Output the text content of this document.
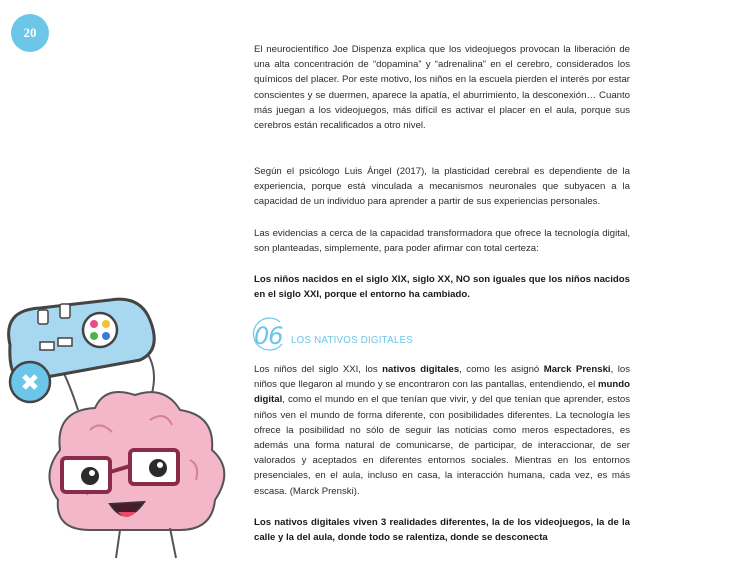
20

El neurocientífico Joe Dispenza explica que los videojuegos provocan la liberación de una alta concentración de “dopamina” y “adrenalina” en el cerebro, considerados los químicos del placer. Por este motivo, los niños en la escuela pierden el interés por estar conscientes y se duermen, aparece la apatía, el aburrimiento, la desconexión… Cuanto más juegan a los videojuegos, más difícil es activar el placer en el aula, porque sus cerebros están recalificados a otro nivel.

Según el psicólogo Luis Ángel (2017), la plasticidad cerebral es dependiente de la experiencia, porque está vinculada a mecanismos neuronales que subyacen a la capacidad de un individuo para aprender a partir de sus experiencias personales.

Las evidencias a cerca de la capacidad transformadora que ofrece la tecnología digital, son planteadas, simplemente, para poder afirmar con total certeza:

Los niños nacidos en el siglo XIX, siglo XX, NO son iguales que los niños nacidos en el siglo XXI, porque el entorno ha cambiado.

06 LOS NATIVOS DIGITALES

Los niños del siglo XXI, los nativos digitales, como les asignó Marck Prenski, los niños que llegaron al mundo y se encontraron con las pantallas, entendiendo, el mundo digital, como el mundo en el que tenían que vivir, y del que tenían que aprender, estos niños ven el mundo de forma diferente, con posibilidades diferentes. La tecnología les ofrece la posibilidad no sólo de seguir las noticias como meros espectadores, es además una forma natural de comunicarse, de participar, de interaccionar, de ser valorados y aceptados en diferentes entornos sociales. Mientras en los entornos presenciales, en el aula, incluso en casa, la interacción humana, cada vez, es más escasa. (Marck Prenski).

Los nativos digitales viven 3 realidades diferentes, la de los videojuegos, la de la calle y la del aula, donde todo se ralentiza, donde se desconecta
